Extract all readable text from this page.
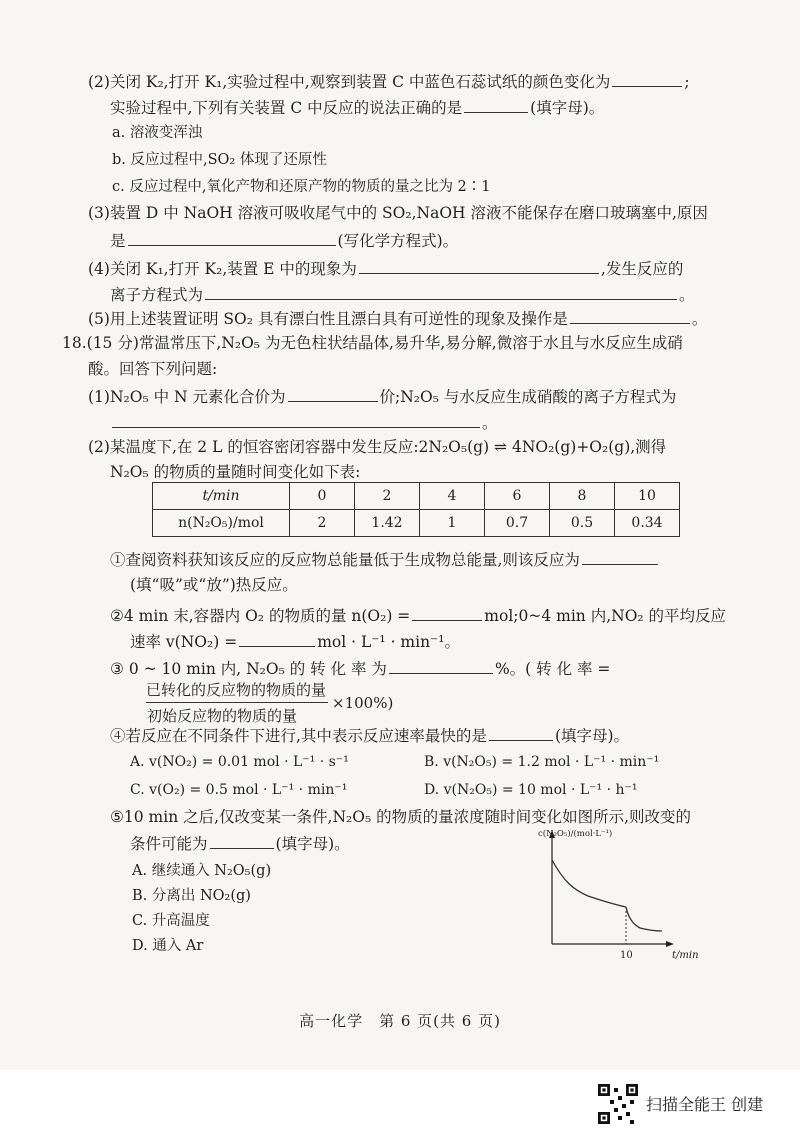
(2)关闭 K₂,打开 K₁,实验过程中,观察到装置 C 中蓝色石蕊试纸的颜色变化为	;
实验过程中,下列有关装置 C 中反应的说法正确的是	(填字母)。
a. 溶液变浑浊
b. 反应过程中,SO₂ 体现了还原性
c. 反应过程中,氧化产物和还原产物的物质的量之比为 2∶1
(3)装置 D 中 NaOH 溶液可吸收尾气中的 SO₂,NaOH 溶液不能保存在磨口玻璃塞中,原因
是	(写化学方程式)。
(4)关闭 K₁,打开 K₂,装置 E 中的现象为	,发生反应的
离子方程式为	。
(5)用上述装置证明 SO₂ 具有漂白性且漂白具有可逆性的现象及操作是	。
18.(15 分)常温常压下,N₂O₅ 为无色柱状结晶体,易升华,易分解,微溶于水且与水反应生成硝
酸。回答下列问题:
(1)N₂O₅ 中 N 元素化合价为	价;N₂O₅ 与水反应生成硝酸的离子方程式为
。
(2)某温度下,在 2 L 的恒容密闭容器中发生反应:2N₂O₅(g) ⇌ 4NO₂(g)+O₂(g),测得
N₂O₅ 的物质的量随时间变化如下表:
t/min	0	2	4	6	8	10
n(N₂O₅)/mol	2	1.42	1	0.7	0.5	0.34
①查阅资料获知该反应的反应物总能量低于生成物总能量,则该反应为
(填“吸”或“放”)热反应。
②4 min 末,容器内 O₂ 的物质的量 n(O₂) =	mol;0~4 min 内,NO₂ 的平均反应
速率 v(NO₂) =	mol · L⁻¹ · min⁻¹。
③ 0 ~ 10 min 内, N₂O₅ 的 转 化 率 为	%。( 转 化 率 =
已转化的反应物的物质的量	×100%)
初始反应物的物质的量
④若反应在不同条件下进行,其中表示反应速率最快的是	(填字母)。
A. v(NO₂) = 0.01 mol · L⁻¹ · s⁻¹	B. v(N₂O₅) = 1.2 mol · L⁻¹ · min⁻¹
C. v(O₂) = 0.5 mol · L⁻¹ · min⁻¹	D. v(N₂O₅) = 10 mol · L⁻¹ · h⁻¹
⑤10 min 之后,仅改变某一条件,N₂O₅ 的物质的量浓度随时间变化如图所示,则改变的
条件可能为	(填字母)。
A. 继续通入 N₂O₅(g)
B. 分离出 NO₂(g)
C. 升高温度
D. 通入 Ar
c(N₂O₅)/(mol·L⁻¹)
10	t/min
高一化学　第 6 页(共 6 页)
扫描全能王 创建
